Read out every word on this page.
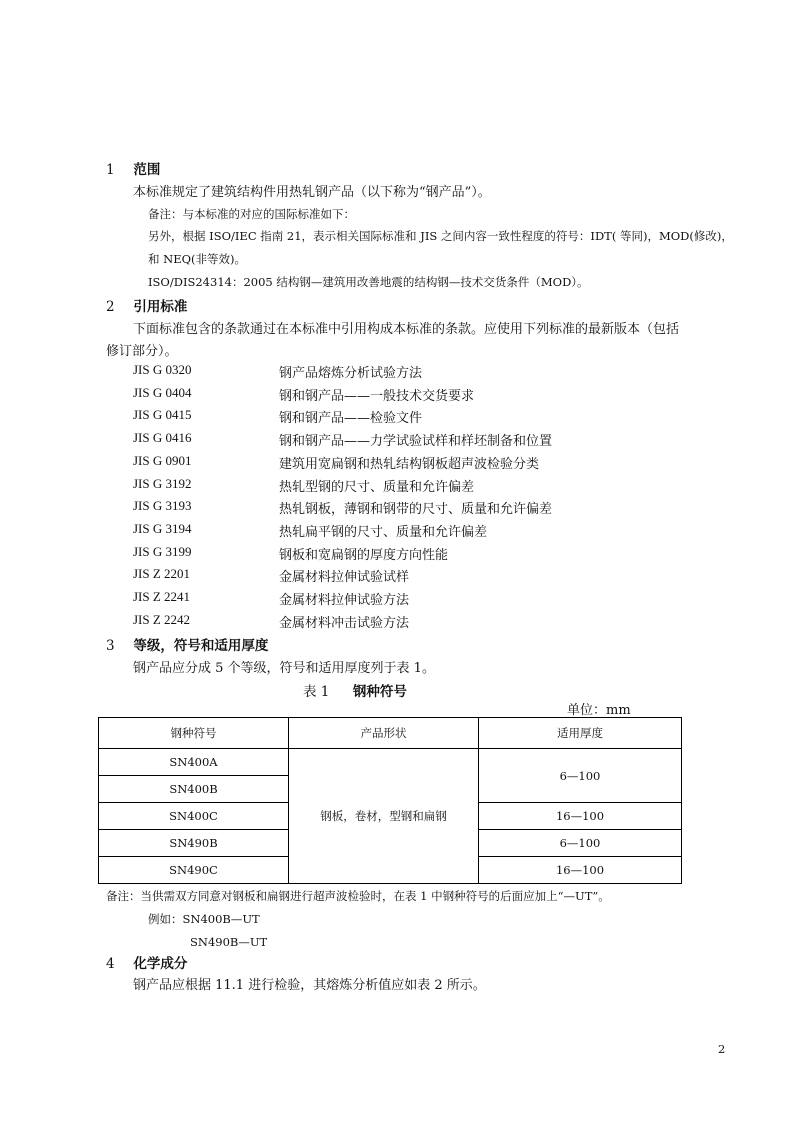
1 范围
本标准规定了建筑结构件用热轧钢产品（以下称为“钢产品”）。
备注：与本标准的对应的国际标准如下：
另外，根据 ISO/IEC 指南 21，表示相关国际标准和 JIS 之间内容一致性程度的符号：IDT( 等同)，MOD(修改)，
和 NEQ(非等效)。
ISO/DIS24314：2005 结构钢—建筑用改善地震的结构钢—技术交货条件（MOD）。
2 引用标准
下面标准包含的条款通过在本标准中引用构成本标准的条款。应使用下列标准的最新版本（包括
修订部分）。
JIS G 0320	钢产品熔炼分析试验方法
JIS G 0404	钢和钢产品——一般技术交货要求
JIS G 0415	钢和钢产品——检验文件
JIS G 0416	钢和钢产品——力学试验试样和样坯制备和位置
JIS G 0901	建筑用宽扁钢和热轧结构钢板超声波检验分类
JIS G 3192	热轧型钢的尺寸、质量和允许偏差
JIS G 3193	热轧钢板，薄钢和钢带的尺寸、质量和允许偏差
JIS G 3194	热轧扁平钢的尺寸、质量和允许偏差
JIS G 3199	钢板和宽扁钢的厚度方向性能
JIS Z 2201	金属材料拉伸试验试样
JIS Z 2241	金属材料拉伸试验方法
JIS Z 2242	金属材料冲击试验方法
3 等级，符号和适用厚度
钢产品应分成 5 个等级，符号和适用厚度列于表 1。
表 1 钢种符号
单位：mm
钢种符号	产品形状	适用厚度
SN400A	钢板，卷材，型钢和扁钢	6—100
SN400B		
SN400C		16—100
SN490B		6—100
SN490C		16—100
备注：当供需双方同意对钢板和扁钢进行超声波检验时，在表 1 中钢种符号的后面应加上“—UT”。
例如：SN400B—UT
SN490B—UT
4 化学成分
钢产品应根据 11.1 进行检验，其熔炼分析值应如表 2 所示。
2
